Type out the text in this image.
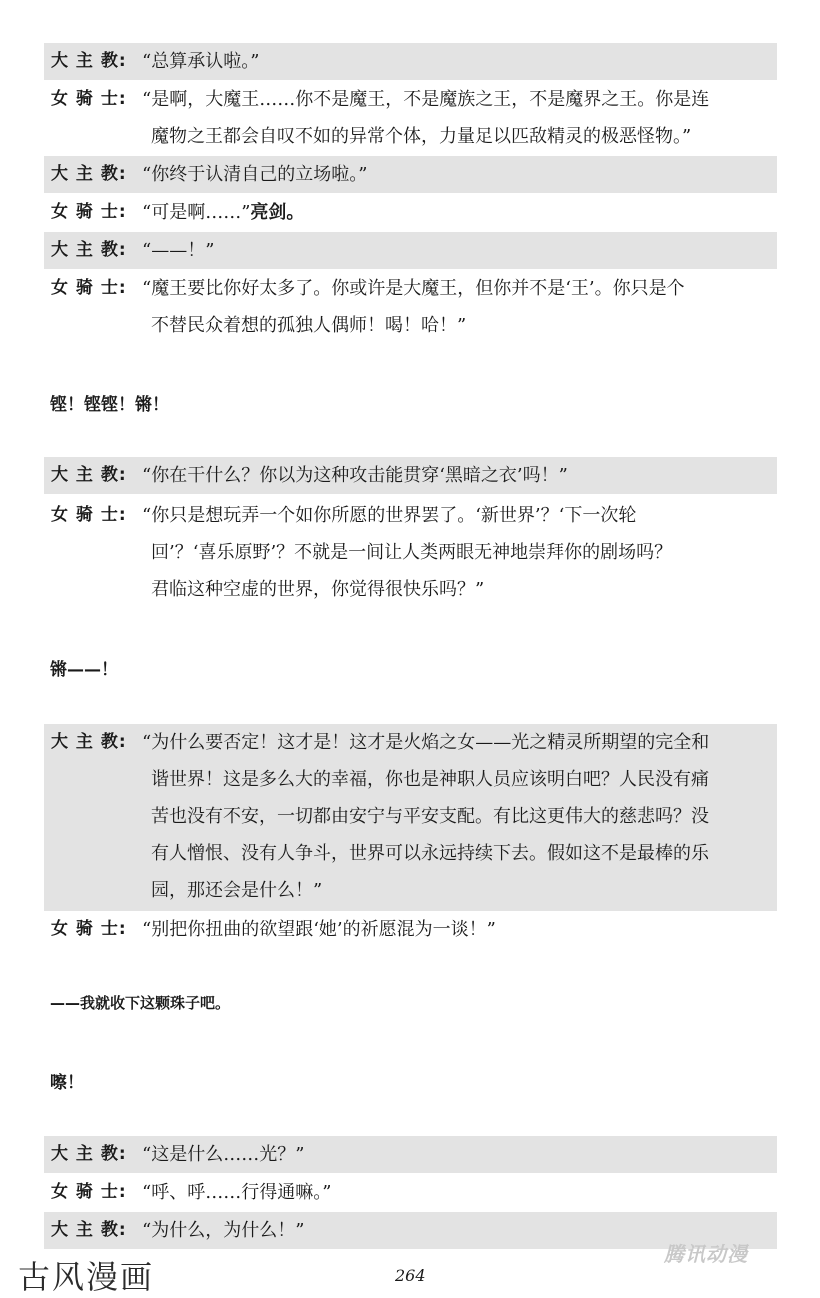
大 主 教: “总算承认啦。”
女 骑 士: “是啊，大魔王……你不是魔王，不是魔族之王，不是魔界之王。你是连
魔物之王都会自叹不如的异常个体，力量足以匹敌精灵的极恶怪物。”
大 主 教: “你终于认清自己的立场啦。”
女 骑 士: “可是啊……”亮剑。
大 主 教: “——！”
女 骑 士: “魔王要比你好太多了。你或许是大魔王，但你并不是‘王’。你只是个
不替民众着想的孤独人偶师！喝！哈！”
铿！铿铿！锵！
大 主 教: “你在干什么？你以为这种攻击能贯穿‘黑暗之衣’吗！”
女 骑 士: “你只是想玩弄一个如你所愿的世界罢了。‘新世界’？‘下一次轮
回’？‘喜乐原野’？不就是一间让人类两眼无神地崇拜你的剧场吗？
君临这种空虚的世界，你觉得很快乐吗？”
锵——！
大 主 教: “为什么要否定！这才是！这才是火焰之女——光之精灵所期望的完全和
谐世界！这是多么大的幸福，你也是神职人员应该明白吧？人民没有痛
苦也没有不安，一切都由安宁与平安支配。有比这更伟大的慈悲吗？没
有人憎恨、没有人争斗，世界可以永远持续下去。假如这不是最棒的乐
园，那还会是什么！”
女 骑 士: “别把你扭曲的欲望跟‘她’的祈愿混为一谈！”
——我就收下这颗珠子吧。
嚓！
大 主 教: “这是什么……光？”
女 骑 士: “呼、呼……行得通嘛。”
大 主 教: “为什么，为什么！”
古风漫画	264
腾讯动漫
